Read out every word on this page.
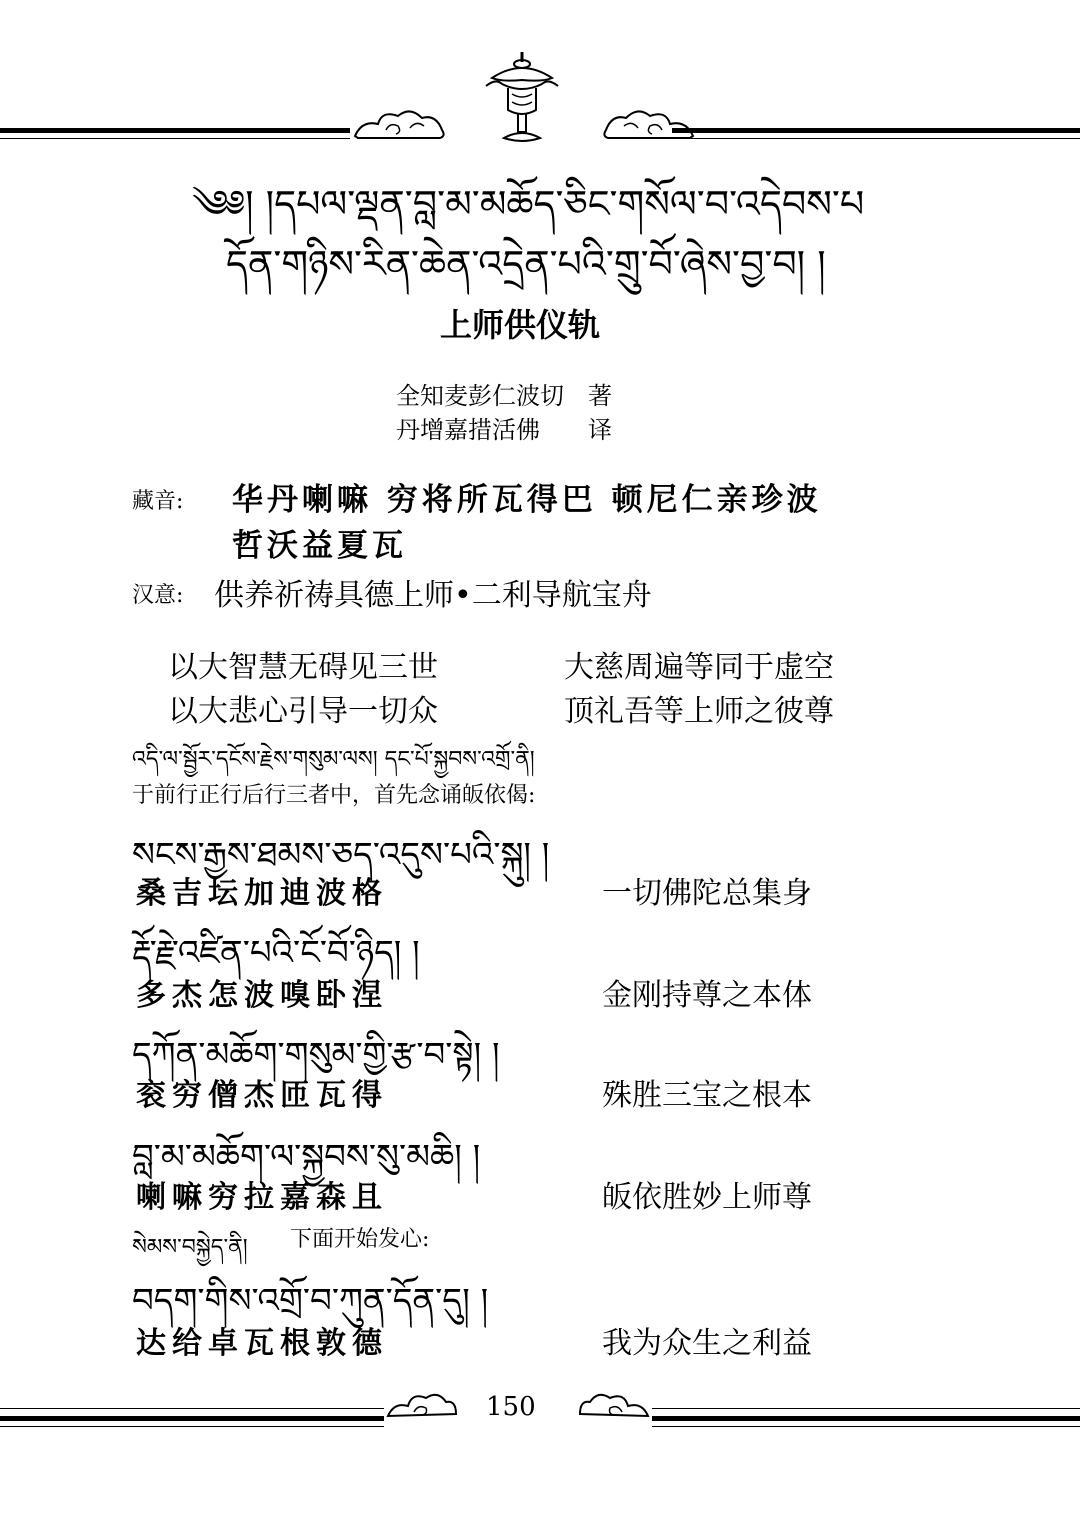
༄༅། །དཔལ་ལྡན་བླ་མ་མཆོད་ཅིང་གསོལ་བ་འདེབས་པ
དོན་གཉིས་རིན་ཆེན་འདྲེན་པའི་གྲུ་བོ་ཞེས་བྱ་བ། །
上师供仪轨
全知麦彭仁波切　著
丹增嘉措活佛　　译
藏音: 华丹喇嘛 穷将所瓦得巴 顿尼仁亲珍波
哲沃益夏瓦
汉意: 供养祈祷具德上师•二利导航宝舟
以大智慧无碍见三世	大慈周遍等同于虚空
以大悲心引导一切众	顶礼吾等上师之彼尊
འདི་ལ་སྦྱོར་དངོས་རྗེས་གསུམ་ལས། དང་པོ་སྐྱབས་འགྲོ་ནི།
于前行正行后行三者中，首先念诵皈依偈:
སངས་རྒྱས་ཐམས་ཅད་འདུས་པའི་སྐུ། །
桑吉坛加迪波格	一切佛陀总集身
རྡོ་རྗེ་འཛིན་པའི་ངོ་བོ་ཉིད། །
多杰怎波嗅卧涅	金刚持尊之本体
དཀོན་མཆོག་གསུམ་གྱི་རྩ་བ་སྟེ། །
衮穷僧杰匝瓦得	殊胜三宝之根本
བླ་མ་མཆོག་ལ་སྐྱབས་སུ་མཆི། །
喇嘛穷拉嘉森且	皈依胜妙上师尊
སེམས་བསྐྱེད་ནི། 下面开始发心:
བདག་གིས་འགྲོ་བ་ཀུན་དོན་དུ། །
达给卓瓦根敦德	我为众生之利益
150
